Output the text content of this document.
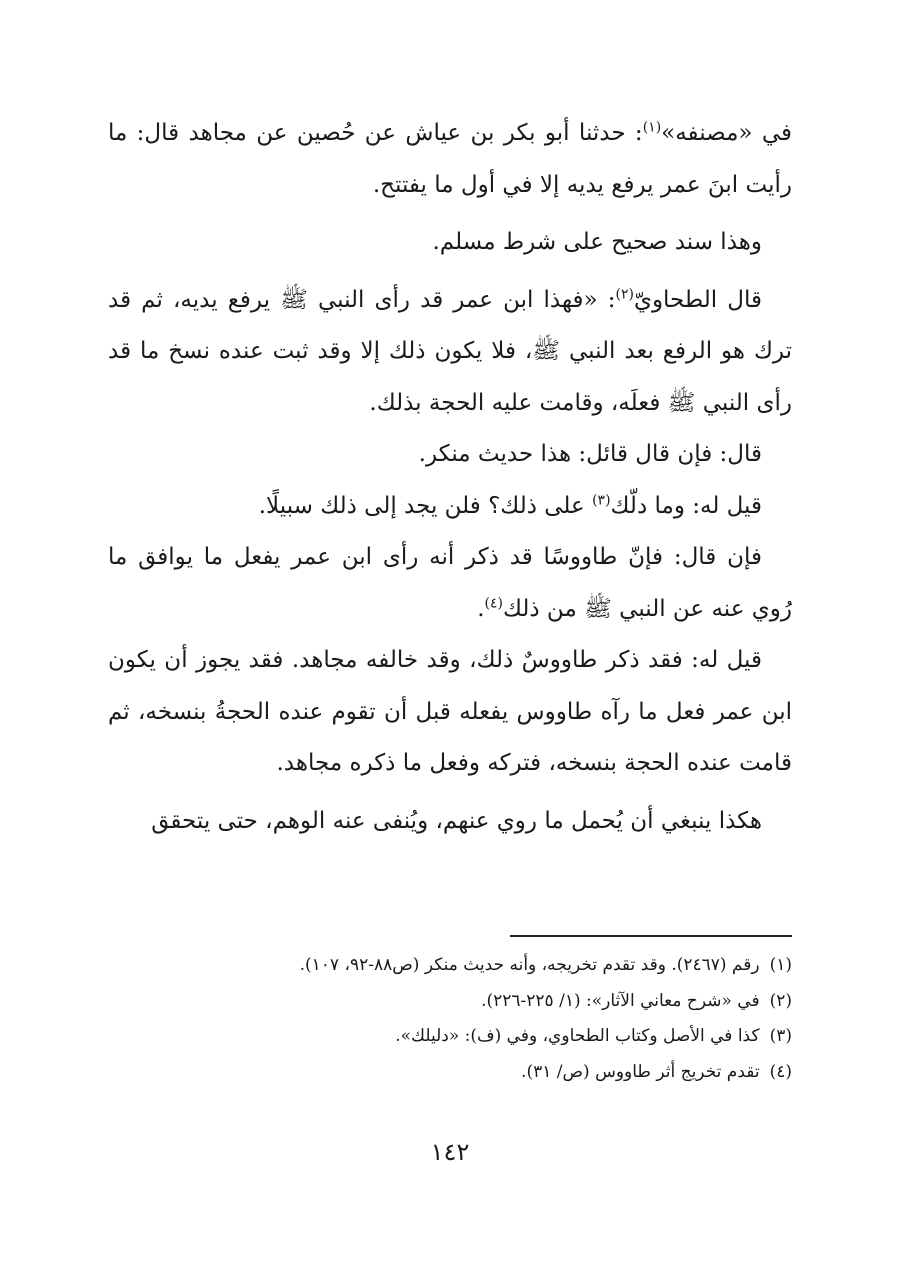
في «مصنفه»$^{(١)}$: حدثنا أبو بكر بن عياش عن حُصين عن مجاهد قال: ما رأيت ابنَ عمر يرفع يديه إلا في أول ما يفتتح.

وهذا سند صحيح على شرط مسلم.

قال الطحاويّ$^{(٢)}$: «فهذا ابن عمر قد رأى النبي ﷺ يرفع يديه، ثم قد ترك هو الرفع بعد النبي ﷺ، فلا يكون ذلك إلا وقد ثبت عنده نسخ ما قد رأى النبي ﷺ فعلَه، وقامت عليه الحجة بذلك.

قال: فإن قال قائل: هذا حديث منكر.

قيل له: وما دلّك$^{(٣)}$ على ذلك؟ فلن يجد إلى ذلك سبيلًا.

فإن قال: فإنّ طاووسًا قد ذكر أنه رأى ابن عمر يفعل ما يوافق ما رُوي عنه عن النبي ﷺ من ذلك$^{(٤)}$.

قيل له: فقد ذكر طاووسٌ ذلك، وقد خالفه مجاهد. فقد يجوز أن يكون ابن عمر فعل ما رآه طاووس يفعله قبل أن تقوم عنده الحجةُ بنسخه، ثم قامت عنده الحجة بنسخه، فتركه وفعل ما ذكره مجاهد.

هكذا ينبغي أن يُحمل ما روي عنهم، ويُنفى عنه الوهم، حتى يتحقق

(١)رقم (٢٤٦٧). وقد تقدم تخريجه، وأنه حديث منكر (ص٨٨-٩٢، ١٠٧).
(٢)في «شرح معاني الآثار»: (١/ ٢٢٥-٢٢٦).
(٣)كذا في الأصل وكتاب الطحاوي، وفي (ف): «دليلك».
(٤)تقدم تخريج أثر طاووس (ص/ ٣١).
١٤٢
